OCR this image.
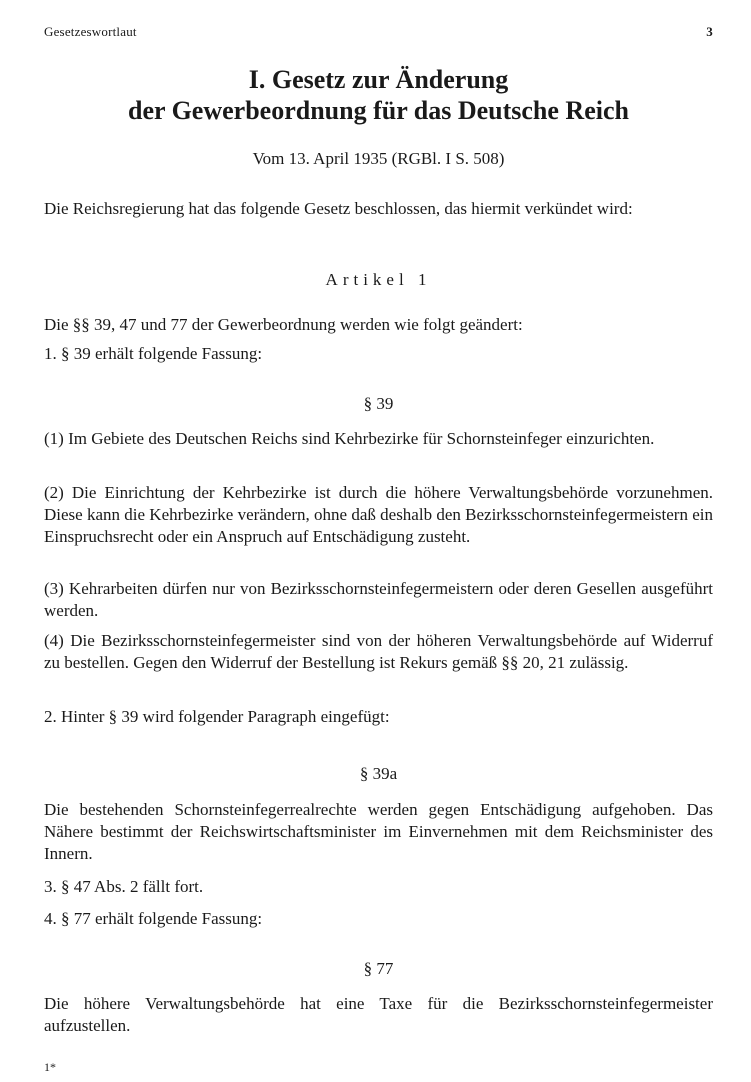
Gesetzeswortlaut	3
I. Gesetz zur Änderung
der Gewerbeordnung für das Deutsche Reich
Vom 13. April 1935 (RGBl. I S. 508)
Die Reichsregierung hat das folgende Gesetz beschlossen, das hiermit verkündet wird:
Artikel 1
Die §§ 39, 47 und 77 der Gewerbeordnung werden wie folgt geändert:
1. § 39 erhält folgende Fassung:
§ 39
(1) Im Gebiete des Deutschen Reichs sind Kehrbezirke für Schornsteinfeger einzurichten.
(2) Die Einrichtung der Kehrbezirke ist durch die höhere Verwaltungsbehörde vorzunehmen. Diese kann die Kehrbezirke verändern, ohne daß deshalb den Bezirksschornsteinfegermeistern ein Einspruchsrecht oder ein Anspruch auf Entschädigung zusteht.
(3) Kehrarbeiten dürfen nur von Bezirksschornsteinfegermeistern oder deren Gesellen ausgeführt werden.
(4) Die Bezirksschornsteinfegermeister sind von der höheren Verwaltungsbehörde auf Widerruf zu bestellen. Gegen den Widerruf der Bestellung ist Rekurs gemäß §§ 20, 21 zulässig.
2. Hinter § 39 wird folgender Paragraph eingefügt:
§ 39a
Die bestehenden Schornsteinfegerrealrechte werden gegen Entschädigung aufgehoben. Das Nähere bestimmt der Reichswirtschaftsminister im Einvernehmen mit dem Reichsminister des Innern.
3. § 47 Abs. 2 fällt fort.
4. § 77 erhält folgende Fassung:
§ 77
Die höhere Verwaltungsbehörde hat eine Taxe für die Bezirksschornsteinfegermeister aufzustellen.
1*
